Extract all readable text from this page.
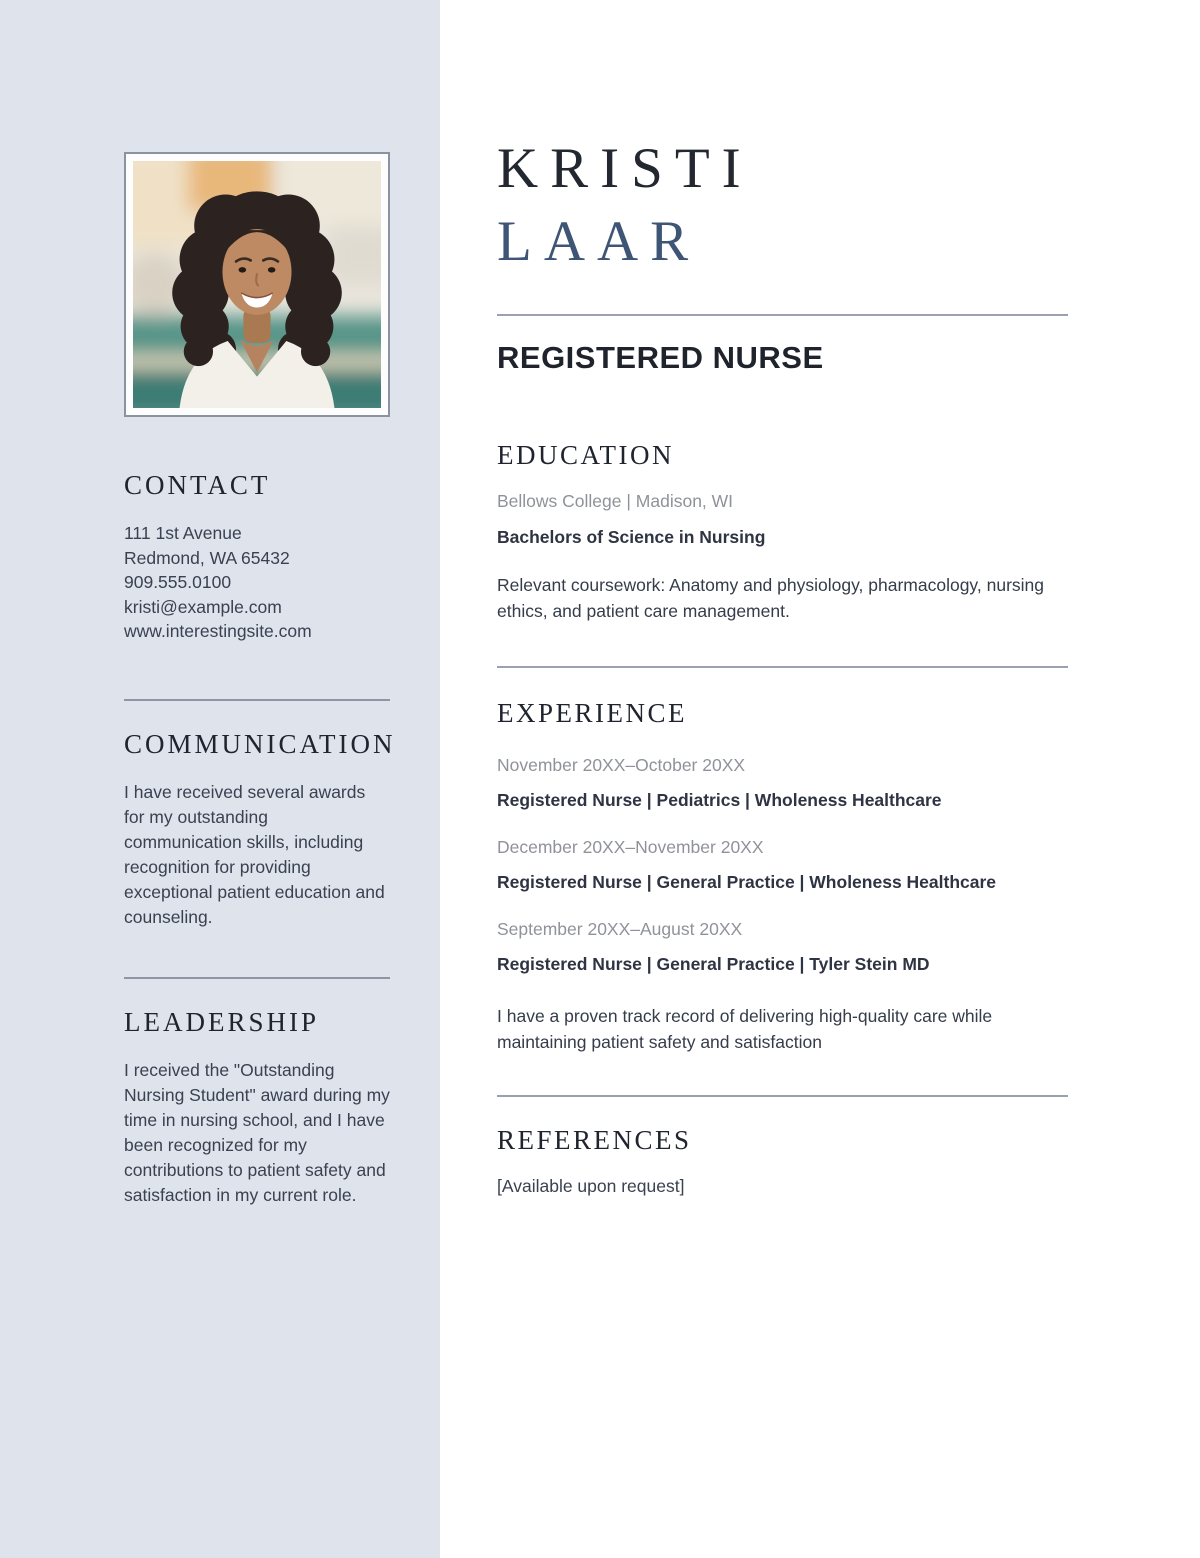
CONTACT
111 1st Avenue
Redmond, WA 65432
909.555.0100
kristi@example.com
www.interestingsite.com
COMMUNICATION

I have received several awards for my outstanding communication skills, including recognition for providing exceptional patient education and counseling.

LEADERSHIP

I received the "Outstanding Nursing Student" award during my time in nursing school, and I have been recognized for my contributions to patient safety and satisfaction in my current role.

KRISTI
LAAR
REGISTERED NURSE
EDUCATION
Bellows College | Madison, WI
Bachelors of Science in Nursing

Relevant coursework: Anatomy and physiology, pharmacology, nursing ethics, and patient care management.

EXPERIENCE
November 20XX–October 20XX
Registered Nurse | Pediatrics | Wholeness Healthcare
December 20XX–November 20XX
Registered Nurse | General Practice | Wholeness Healthcare
September 20XX–August 20XX
Registered Nurse | General Practice | Tyler Stein MD

I have a proven track record of delivering high-quality care while maintaining patient safety and satisfaction

REFERENCES
[Available upon request]
